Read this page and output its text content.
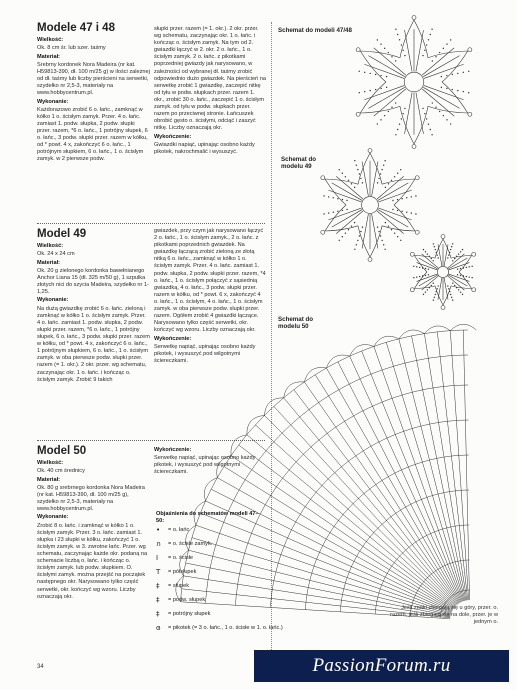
Modele 47 i 48

Wielkość:

Ok. 8 cm śr. lub szer. taśmy

Materiał:

Srebrny kordonek Nora Madeira (nr kat. H59813-390, dł. 100 m/25 g) w ilości zależnej od dł. taśmy lub liczby pierścieni na serwetki, szydełko nr 2,5-3, materiały na www.hobbycentrum.pl.

Wykonanie:

Każdorazowo zrobić 6 o. łańc., zamknąć w kółko 1 o. ścisłym zamyk. Przer. 4 o. łańc. zamiast 1. podw. słupka, 2 podw. słupki przer. razem, *6 o. łańc., 1 potrójny słupek, 6 o. łańc., 3 podw. słupki przer. razem w kółku, od * powt. 4 x, zakończyć 6 o. łańc., 1 potrójnym słupkiem, 6 o. łańc., 1 o. ścisłym zamyk. w 2 pierwsze podw.

słupki przer. razem (= 1. okr.). 2 okr. przer. wg schematu, zaczynając okr. 1 o. łańc. i kończąc o. ścisłym zamyk. Na tym od 2. gwiazdki łączyć w 2. okr. 2 o. łańc., 1 o. ścisłym zamyk. 2 o. łańc. z pikotkami poprzedniej gwiazdy jak narysowano, w zależności od wybranej dł. taśmy zrobić odpowiednio dużo gwiazdek. Na pierścień na serwetkę zrobić 1 gwiazdkę, zaczepić nitkę od tyłu w podw. słupkach przer. razem 1. okr., zrobić 30 o. łańc., zaczepić 1 o. ścisłym zamyk. od tyłu w podw. słupkach przer. razem po przeciwnej stronie. Łańcuszek obrobić gęsto o. ścisłymi, odciąć i zaszyć nitkę. Liczby oznaczają okr.

Wykończenie:

Gwiazdki napiąć, upinając osobno każdy pikotek, nakrochmalić i wysuszyć.

Model 49

Wielkość:

Ok. 24 x 24 cm

Materiał:

Ok. 20 g zielonego kordonka bawełnianego Anchor Liana 15 (dł. 325 m/50 g), 1 szpulka złotych nici do szycia Madeira, szydełko nr 1-1,25.

Wykonanie:

Na dużą gwiazdkę zrobić 6 o. łańc. zieloną i zamknąć w kółko 1 o. ścisłym zamyk. Przer. 4 o. łańc. zamiast 1. podw. słupka, 2 podw. słupki przer. razem, *6 o. łańc., 1 potrójny słupek, 6 o. łańc., 3 podw. słupki przer. razem w kółku, od * powt. 4 x, zakończyć 6 o. łańc., 1 potrójnym słupkiem, 6 o. łańc., 1 o. ścisłym zamyk. w oba pierwsze podw. słupki przer. razem (= 1. okr.). 2 okr. przer. wg schematu, zaczynając okr. 1 o. łańc. i kończąc o. ścisłym zamyk. Zrobić 9 takich

gwiazdek, przy czym jak narysowano łączyć 2 o. łańc., 1 o. ścisłym zamyk., 2 o. łańc. z pikotkami poprzednich gwiazdek. Na gwiazdkę łączącą zrobić zieloną ze złotą nitką 6 o. łańc., zamknąć w kółko 1 o. ścisłym zamyk. Przer. 4 o. łańc. zamiast 1. podw. słupka, 2 podw. słupki przer. razem, *4 o. łańc., 1 o. ścisłym połączyć z sąsiednią gwiazdką, 4 o. łańc., 3 podw. słupki przer. razem w kółku, od * powt. 6 x, zakończyć 4 o. łańc., 1 o. ścisłym, 4 o. łańc., 1 o. ścisłym zamyk. w oba pierwsze podw. słupki przer. razem. Ogółem zrobić 4 gwiazdki łączące. Narysowano tylko część serwetki, okr. kończyć wg wzoru. Liczby oznaczają okr.

Wykończenie:

Serwetkę napiąć, upinając osobno każdy pikotek, i wysuszyć pod wilgotnymi ściereczkami.

Model 50

Wielkość:

Ok. 40 cm średnicy

Materiał:

Ok. 80 g srebrnego kordonka Nora Madeira (nr kat. H59813-390, dł. 100 m/25 g), szydełko nr 2,5-3, materiały na www.hobbycentrum.pl.

Wykonanie:

Zrobić 8 o. łańc. i zamknąć w kółko 1 o. ścisłym zamyk. Przer. 3 o. łańc. zamiast 1. słupka i 23 słupki w kółku, zakończyć 1 o. ścisłym zamyk. w 3. zwrotne łańc. Przer. wg schematu, zaczynając każde okr. podaną na schemacie liczbą o. łańc. i kończąc o. ścisłym zamyk. lub podw. słupkiem. O. ścisłymi zamyk. można przejść na początek następnego okr. Narysowano tylko część serwetki, okr. kończyć wg wzoru. Liczby oznaczają okr.

Wykończenie:

Serwetkę napiąć, upinając osobno każdy pikotek, i wysuszyć pod wilgotnymi ściereczkami.

Objaśnienia do schematów modeli 47–50:
•	= o. łańc
∩	= o. ścisłe zamyk.
I	= o. ścisłe
T	= półsłupek
‡	= słupek
‡	= podw. słupek
‡	= potrójny słupek
ɞ	= pikotek (= 3 o. łańc., 1 o. ścisłe w 1. o. łańc.)
Schemat do modeli 47/48
Schemat do modelu 49
Schemat do modelu 50
Jeśli znaki zbiegają się u góry, przer. o. razem, jeśli zbiegają się na dole, przer. je w jednym o.
34	PassionForum.ru
